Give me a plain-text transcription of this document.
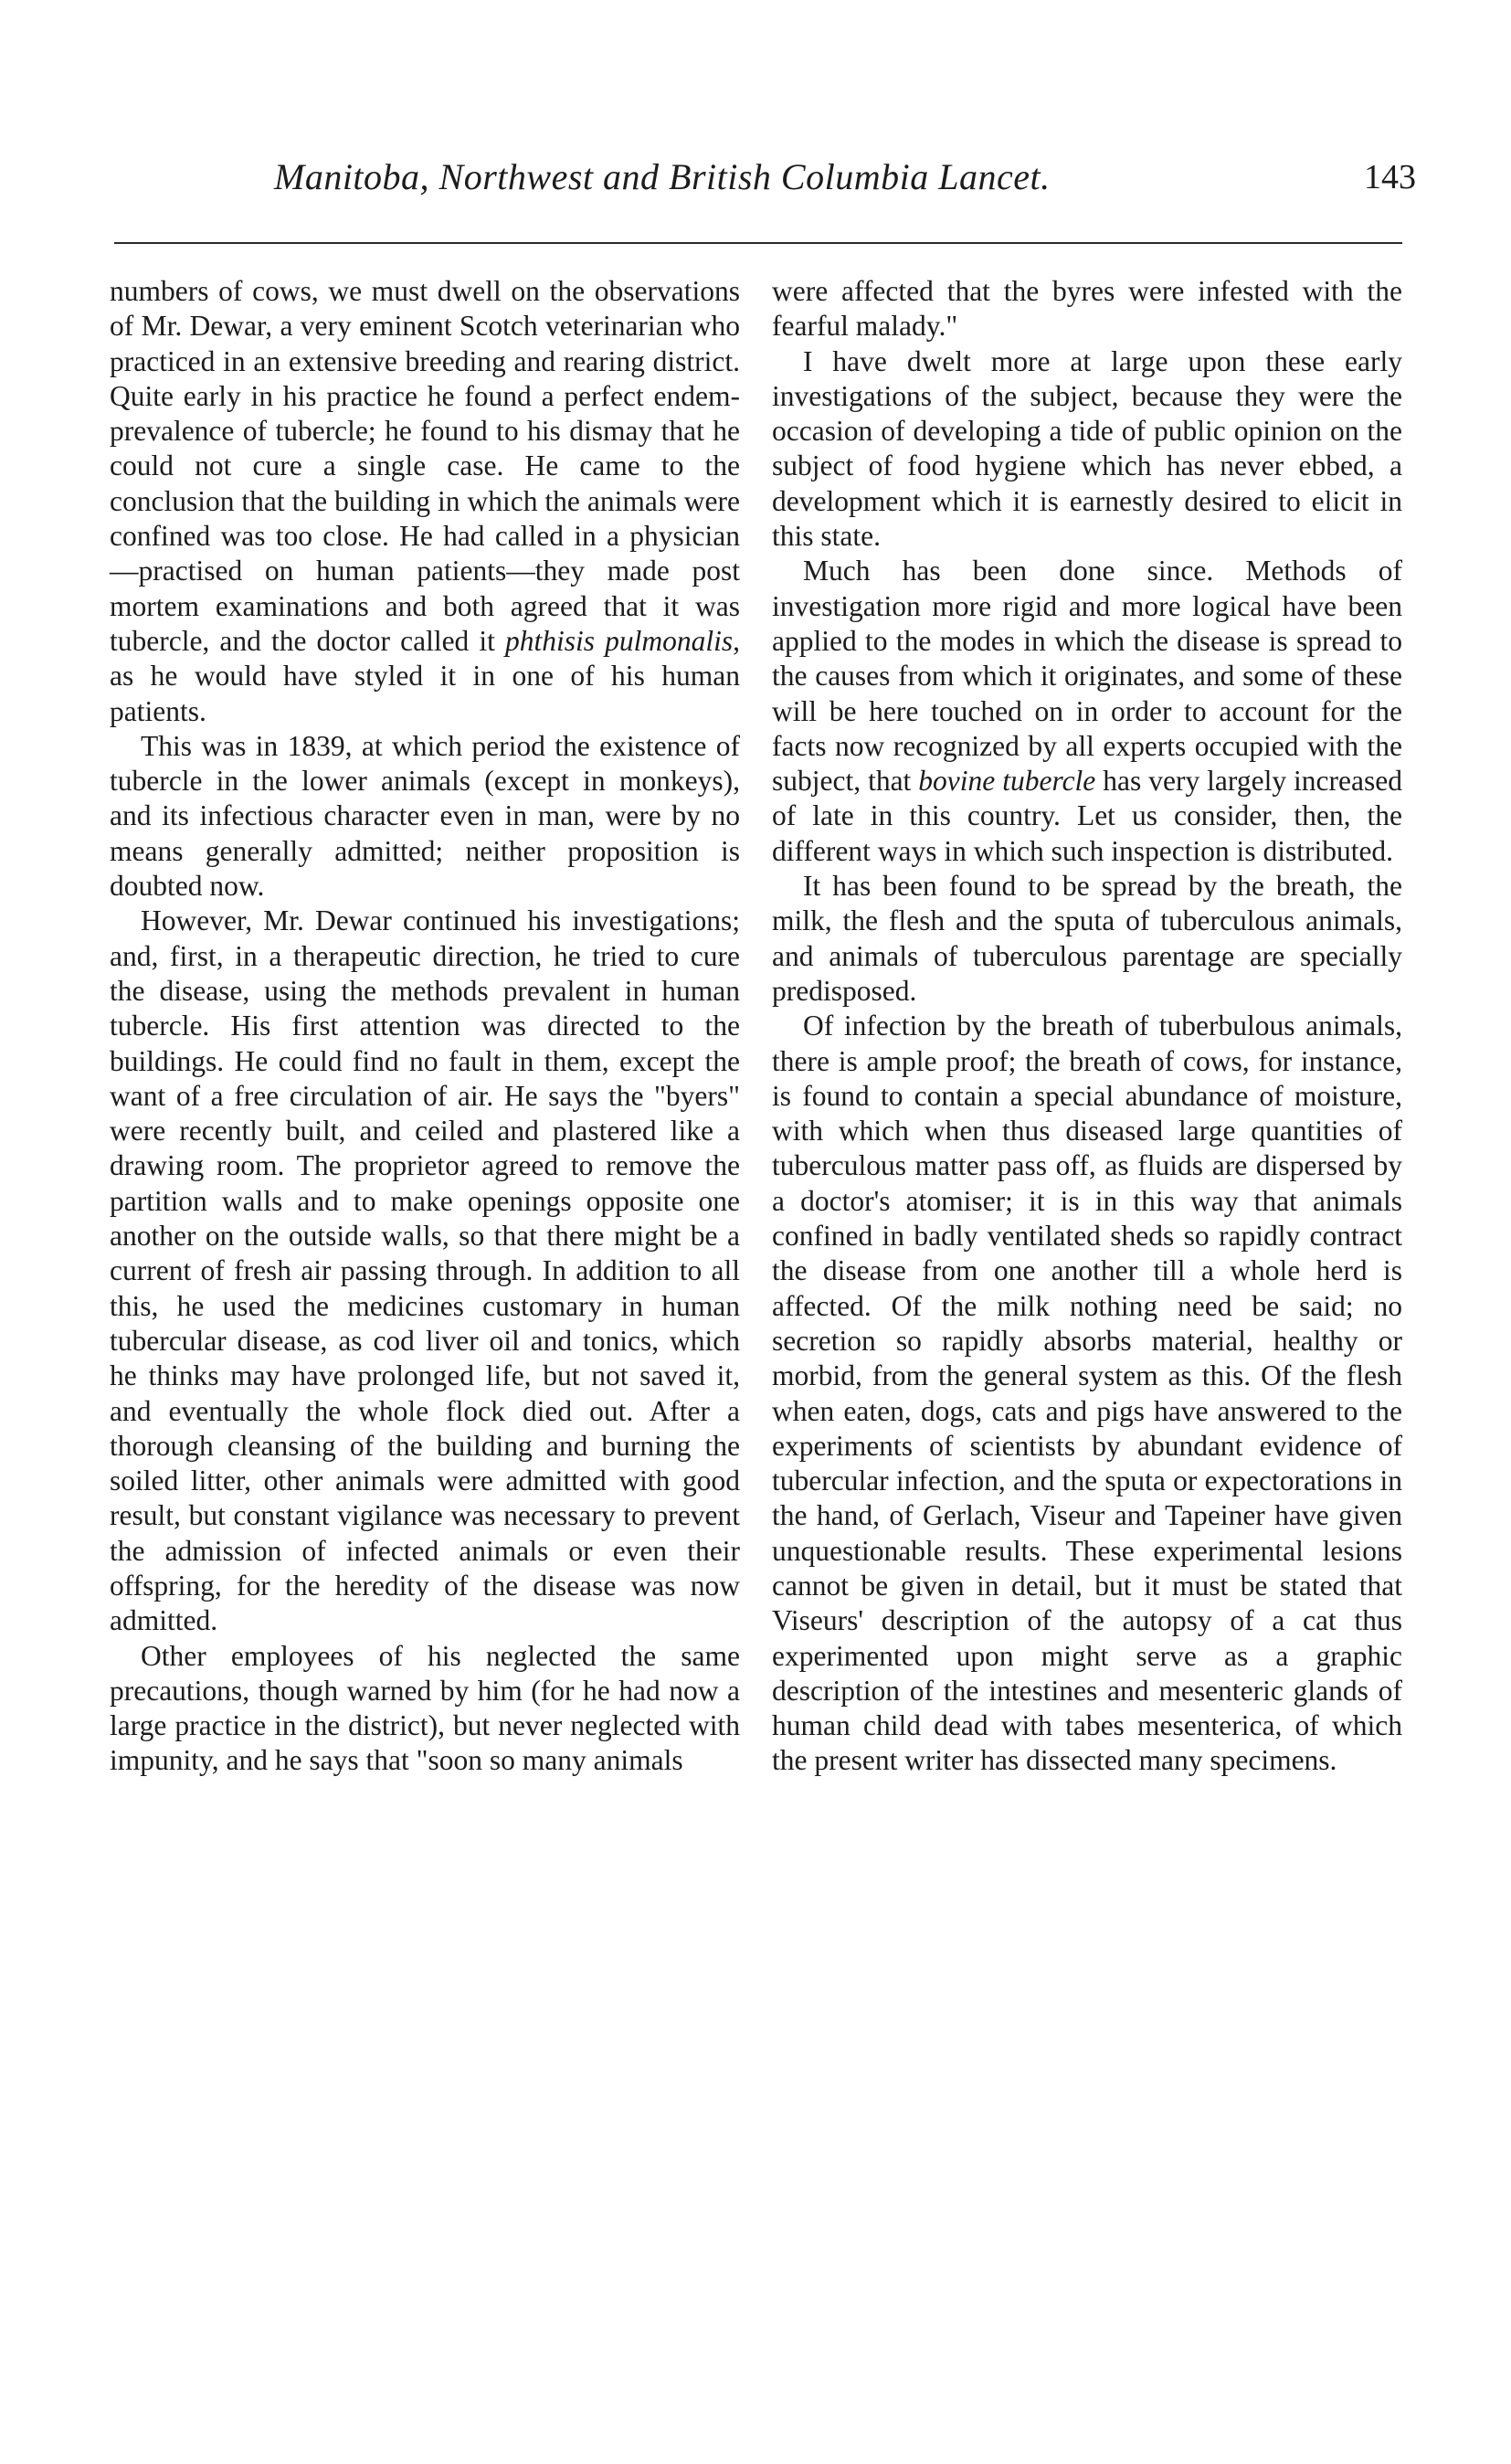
Manitoba, Northwest and British Columbia Lancet.	143

numbers of cows, we must dwell on the observations of Mr. Dewar, a very eminent Scotch veterinarian who practiced in an extensive breeding and rearing district. Quite early in his practice he found a perfect endem-prevalence of tubercle; he found to his dismay that he could not cure a single case. He came to the conclusion that the building in which the animals were confined was too close. He had called in a physician—practised on human patients—they made post mortem examinations and both agreed that it was tubercle, and the doctor called it phthisis pulmonalis, as he would have styled it in one of his human patients.

This was in 1839, at which period the existence of tubercle in the lower animals (except in monkeys), and its infectious character even in man, were by no means generally admitted; neither proposition is doubted now.

However, Mr. Dewar continued his investigations; and, first, in a therapeutic direction, he tried to cure the disease, using the methods prevalent in human tubercle. His first attention was directed to the buildings. He could find no fault in them, except the want of a free circulation of air. He says the "byers" were recently built, and ceiled and plastered like a drawing room. The proprietor agreed to remove the partition walls and to make openings opposite one another on the outside walls, so that there might be a current of fresh air passing through. In addition to all this, he used the medicines customary in human tubercular disease, as cod liver oil and tonics, which he thinks may have prolonged life, but not saved it, and eventually the whole flock died out. After a thorough cleansing of the building and burning the soiled litter, other animals were admitted with good result, but constant vigilance was necessary to prevent the admission of infected animals or even their offspring, for the heredity of the disease was now admitted.

Other employees of his neglected the same precautions, though warned by him (for he had now a large practice in the district), but never neglected with impunity, and he says that "soon so many animals

were affected that the byres were infested with the fearful malady."

I have dwelt more at large upon these early investigations of the subject, because they were the occasion of developing a tide of public opinion on the subject of food hygiene which has never ebbed, a development which it is earnestly desired to elicit in this state.

Much has been done since. Methods of investigation more rigid and more logical have been applied to the modes in which the disease is spread to the causes from which it originates, and some of these will be here touched on in order to account for the facts now recognized by all experts occupied with the subject, that bovine tubercle has very largely increased of late in this country. Let us consider, then, the different ways in which such inspection is distributed.

It has been found to be spread by the breath, the milk, the flesh and the sputa of tuberculous animals, and animals of tuberculous parentage are specially predisposed.

Of infection by the breath of tuberbulous animals, there is ample proof; the breath of cows, for instance, is found to contain a special abundance of moisture, with which when thus diseased large quantities of tuberculous matter pass off, as fluids are dispersed by a doctor's atomiser; it is in this way that animals confined in badly ventilated sheds so rapidly contract the disease from one another till a whole herd is affected. Of the milk nothing need be said; no secretion so rapidly absorbs material, healthy or morbid, from the general system as this. Of the flesh when eaten, dogs, cats and pigs have answered to the experiments of scientists by abundant evidence of tubercular infection, and the sputa or expectorations in the hand, of Gerlach, Viseur and Tapeiner have given unquestionable results. These experimental lesions cannot be given in detail, but it must be stated that Viseurs' description of the autopsy of a cat thus experimented upon might serve as a graphic description of the intestines and mesenteric glands of human child dead with tabes mesenterica, of which the present writer has dissected many specimens.
